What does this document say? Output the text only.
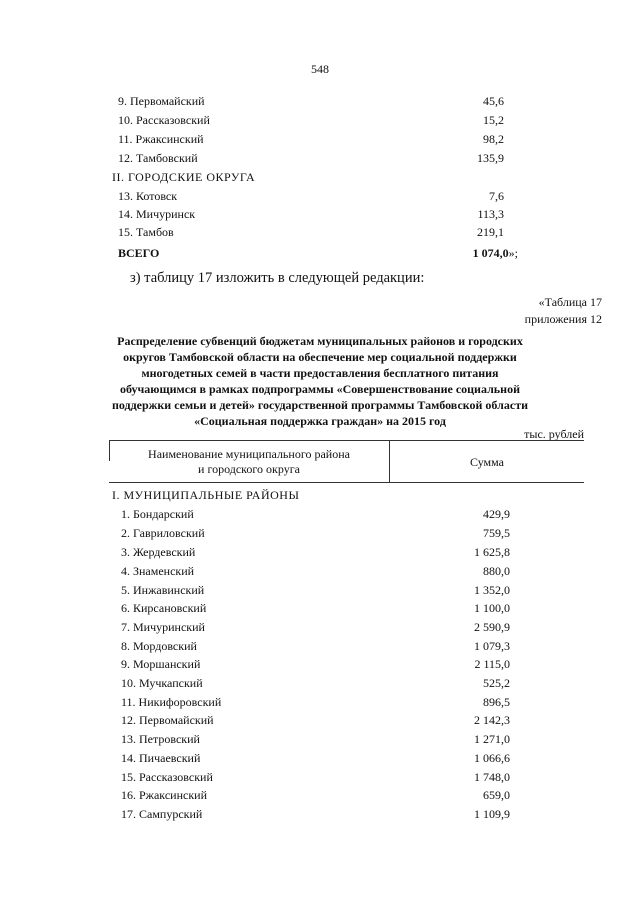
548
9. Первомайский	45,6
10. Рассказовский	15,2
11. Ржаксинский	98,2
12. Тамбовский	135,9
II. ГОРОДСКИЕ ОКРУГА
13. Котовск	7,6
14. Мичуринск	113,3
15. Тамбов	219,1
ВСЕГО	1 074,0»;
з) таблицу 17 изложить в следующей редакции:
«Таблица 17
приложения 12
Распределение субвенций бюджетам муниципальных районов и городских
округов Тамбовской области на обеспечение мер социальной поддержки
многодетных семей в части предоставления бесплатного питания
обучающимся в рамках подпрограммы «Совершенствование социальной
поддержки семьи и детей» государственной программы Тамбовской области
«Социальная поддержка граждан» на 2015 год
тыс. рублей
Наименование муниципального района
и городского округа	Сумма
I. МУНИЦИПАЛЬНЫЕ РАЙОНЫ
1. Бондарский	429,9
2. Гавриловский	759,5
3. Жердевский	1 625,8
4. Знаменский	880,0
5. Инжавинский	1 352,0
6. Кирсановский	1 100,0
7. Мичуринский	2 590,9
8. Мордовский	1 079,3
9. Моршанский	2 115,0
10. Мучкапский	525,2
11. Никифоровский	896,5
12. Первомайский	2 142,3
13. Петровский	1 271,0
14. Пичаевский	1 066,6
15. Рассказовский	1 748,0
16. Ржаксинский	659,0
17. Сампурский	1 109,9
